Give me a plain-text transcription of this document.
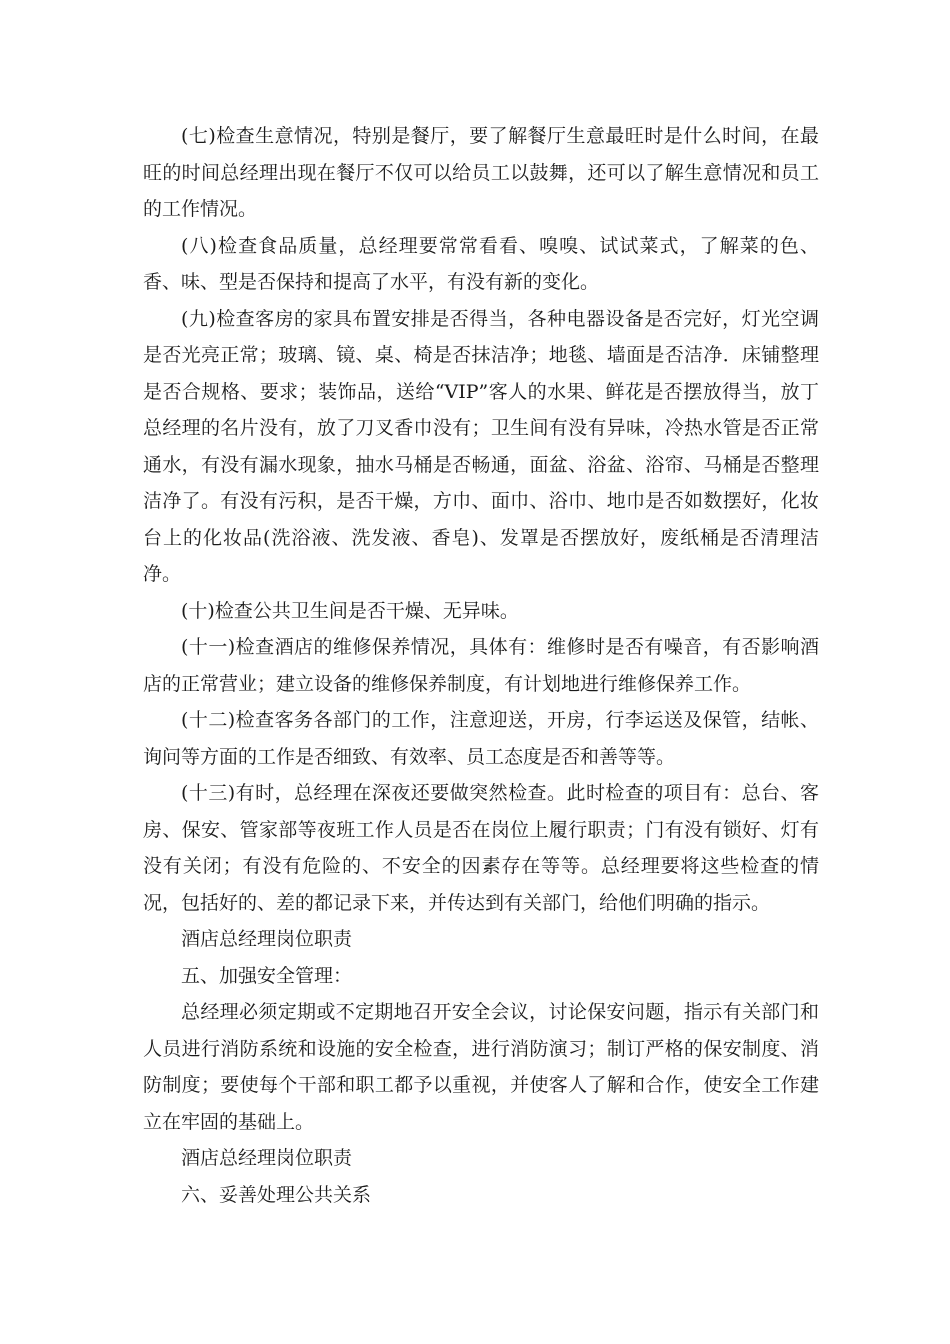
(七)检查生意情况，特别是餐厅，要了解餐厅生意最旺时是什么时间，在最旺的时间总经理出现在餐厅不仅可以给员工以鼓舞，还可以了解生意情况和员工的工作情况。

(八)检查食品质量，总经理要常常看看、嗅嗅、试试菜式，了解菜的色、香、味、型是否保持和提高了水平，有没有新的变化。

(九)检查客房的家具布置安排是否得当，各种电器设备是否完好，灯光空调是否光亮正常；玻璃、镜、桌、椅是否抹洁净；地毯、墙面是否洁净．床铺整理是否合规格、要求；装饰品，送给“VIP”客人的水果、鲜花是否摆放得当，放丁总经理的名片没有，放了刀叉香巾没有；卫生间有没有异味，冷热水管是否正常通水，有没有漏水现象，抽水马桶是否畅通，面盆、浴盆、浴帘、马桶是否整理洁净了。有没有污积，是否干燥，方巾、面巾、浴巾、地巾是否如数摆好，化妆台上的化妆品(洗浴液、洗发液、香皂)、发罩是否摆放好，废纸桶是否清理洁净。

(十)检查公共卫生间是否干燥、无异味。

(十一)检查酒店的维修保养情况，具体有：维修时是否有噪音，有否影响酒店的正常营业；建立设备的维修保养制度，有计划地进行维修保养工作。

(十二)检查客务各部门的工作，注意迎送，开房，行李运送及保管，结帐、询问等方面的工作是否细致、有效率、员工态度是否和善等等。

(十三)有时，总经理在深夜还要做突然检查。此时检查的项目有：总台、客房、保安、管家部等夜班工作人员是否在岗位上履行职责；门有没有锁好、灯有没有关闭；有没有危险的、不安全的因素存在等等。总经理要将这些检查的情况，包括好的、差的都记录下来，并传达到有关部门，给他们明确的指示。

酒店总经理岗位职责

五、加强安全管理：

总经理必须定期或不定期地召开安全会议，讨论保安问题，指示有关部门和人员进行消防系统和设施的安全检查，进行消防演习；制订严格的保安制度、消防制度；要使每个干部和职工都予以重视，并使客人了解和合作，使安全工作建立在牢固的基础上。

酒店总经理岗位职责

六、妥善处理公共关系
